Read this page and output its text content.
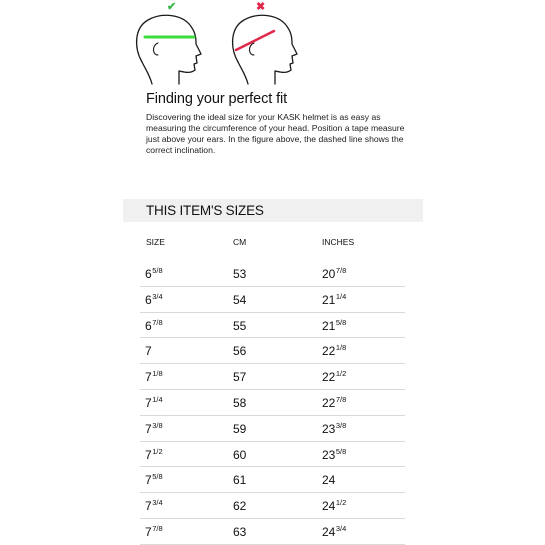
✔	✖
Finding your perfect fit

Discovering the ideal size for your KASK helmet is as easy as measuring the circumference of your head. Position a tape measure just above your ears. In the figure above, the dashed line shows the correct inclination.

THIS ITEM'S SIZES
SIZE	CM	INCHES
$6^{5/8}$	53	$20^{7/8}$
$6^{3/4}$	54	$21^{1/4}$
$6^{7/8}$	55	$21^{5/8}$
7	56	$22^{1/8}$
$7^{1/8}$	57	$22^{1/2}$
$7^{1/4}$	58	$22^{7/8}$
$7^{3/8}$	59	$23^{3/8}$
$7^{1/2}$	60	$23^{5/8}$
$7^{5/8}$	61	24
$7^{3/4}$	62	$24^{1/2}$
$7^{7/8}$	63	$24^{3/4}$
